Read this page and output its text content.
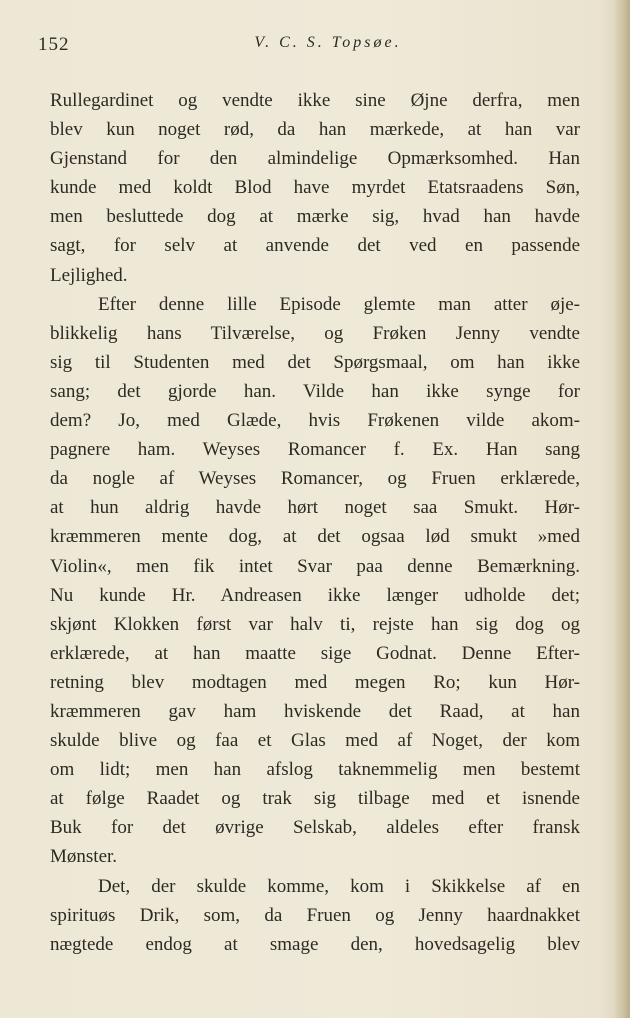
152	V. C. S. Topsøe.
Rullegardinet og vendte ikke sine Øjne derfra, men
blev kun noget rød, da han mærkede, at han var
Gjenstand for den almindelige Opmærksomhed. Han
kunde med koldt Blod have myrdet Etatsraadens Søn,
men besluttede dog at mærke sig, hvad han havde
sagt, for selv at anvende det ved en passende
Lejlighed.
Efter denne lille Episode glemte man atter øje-
blikkelig hans Tilværelse, og Frøken Jenny vendte
sig til Studenten med det Spørgsmaal, om han ikke
sang; det gjorde han. Vilde han ikke synge for
dem? Jo, med Glæde, hvis Frøkenen vilde akom-
pagnere ham. Weyses Romancer f. Ex. Han sang
da nogle af Weyses Romancer, og Fruen erklærede,
at hun aldrig havde hørt noget saa Smukt. Hør-
kræmmeren mente dog, at det ogsaa lød smukt »med
Violin«, men fik intet Svar paa denne Bemærkning.
Nu kunde Hr. Andreasen ikke længer udholde det;
skjønt Klokken først var halv ti, rejste han sig dog og
erklærede, at han maatte sige Godnat. Denne Efter-
retning blev modtagen med megen Ro; kun Hør-
kræmmeren gav ham hviskende det Raad, at han
skulde blive og faa et Glas med af Noget, der kom
om lidt; men han afslog taknemmelig men bestemt
at følge Raadet og trak sig tilbage med et isnende
Buk for det øvrige Selskab, aldeles efter fransk
Mønster.
Det, der skulde komme, kom i Skikkelse af en
spirituøs Drik, som, da Fruen og Jenny haardnakket
nægtede endog at smage den, hovedsagelig blev
